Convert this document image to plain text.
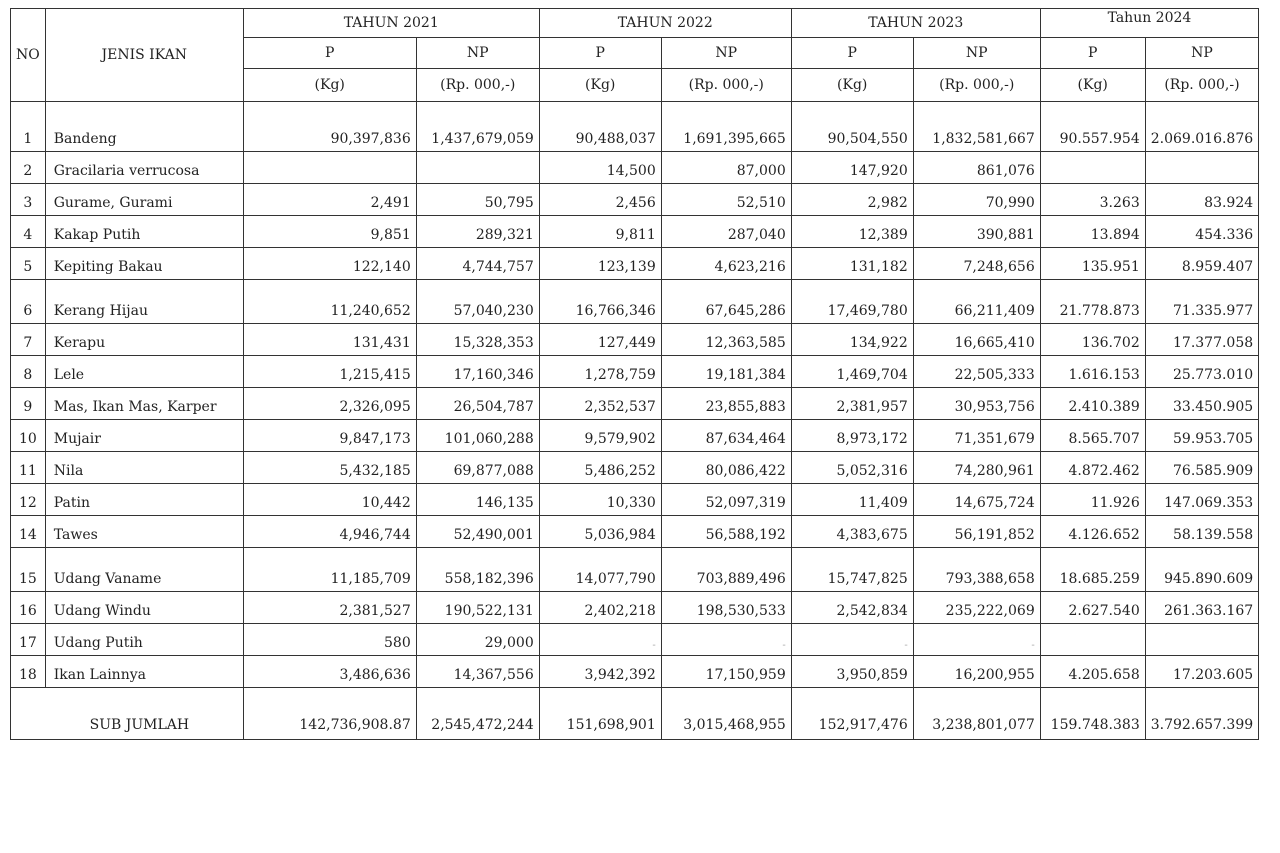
NO	JENIS IKAN	TAHUN 2021		TAHUN 2022		TAHUN 2023		Tahun 2024	
		P	NP	P	NP	P	NP	P	NP
		(Kg)	(Rp. 000,-)	(Kg)	(Rp. 000,-)	(Kg)	(Rp. 000,-)	(Kg)	(Rp. 000,-)
1	Bandeng	90,397,836	1,437,679,059	90,488,037	1,691,395,665	90,504,550	1,832,581,667	90.557.954	2.069.016.876
2	Gracilaria verrucosa			14,500	87,000	147,920	861,076		
3	Gurame, Gurami	2,491	50,795	2,456	52,510	2,982	70,990	3.263	83.924
4	Kakap Putih	9,851	289,321	9,811	287,040	12,389	390,881	13.894	454.336
5	Kepiting Bakau	122,140	4,744,757	123,139	4,623,216	131,182	7,248,656	135.951	8.959.407
6	Kerang Hijau	11,240,652	57,040,230	16,766,346	67,645,286	17,469,780	66,211,409	21.778.873	71.335.977
7	Kerapu	131,431	15,328,353	127,449	12,363,585	134,922	16,665,410	136.702	17.377.058
8	Lele	1,215,415	17,160,346	1,278,759	19,181,384	1,469,704	22,505,333	1.616.153	25.773.010
9	Mas, Ikan Mas, Karper	2,326,095	26,504,787	2,352,537	23,855,883	2,381,957	30,953,756	2.410.389	33.450.905
10	Mujair	9,847,173	101,060,288	9,579,902	87,634,464	8,973,172	71,351,679	8.565.707	59.953.705
11	Nila	5,432,185	69,877,088	5,486,252	80,086,422	5,052,316	74,280,961	4.872.462	76.585.909
12	Patin	10,442	146,135	10,330	52,097,319	11,409	14,675,724	11.926	147.069.353
14	Tawes	4,946,744	52,490,001	5,036,984	56,588,192	4,383,675	56,191,852	4.126.652	58.139.558
15	Udang Vaname	11,185,709	558,182,396	14,077,790	703,889,496	15,747,825	793,388,658	18.685.259	945.890.609
16	Udang Windu	2,381,527	190,522,131	2,402,218	198,530,533	2,542,834	235,222,069	2.627.540	261.363.167
17	Udang Putih	580	29,000	-	-	-	-		
18	Ikan Lainnya	3,486,636	14,367,556	3,942,392	17,150,959	3,950,859	16,200,955	4.205.658	17.203.605
SUB JUMLAH		142,736,908.87	2,545,472,244	151,698,901	3,015,468,955	152,917,476	3,238,801,077	159.748.383	3.792.657.399
